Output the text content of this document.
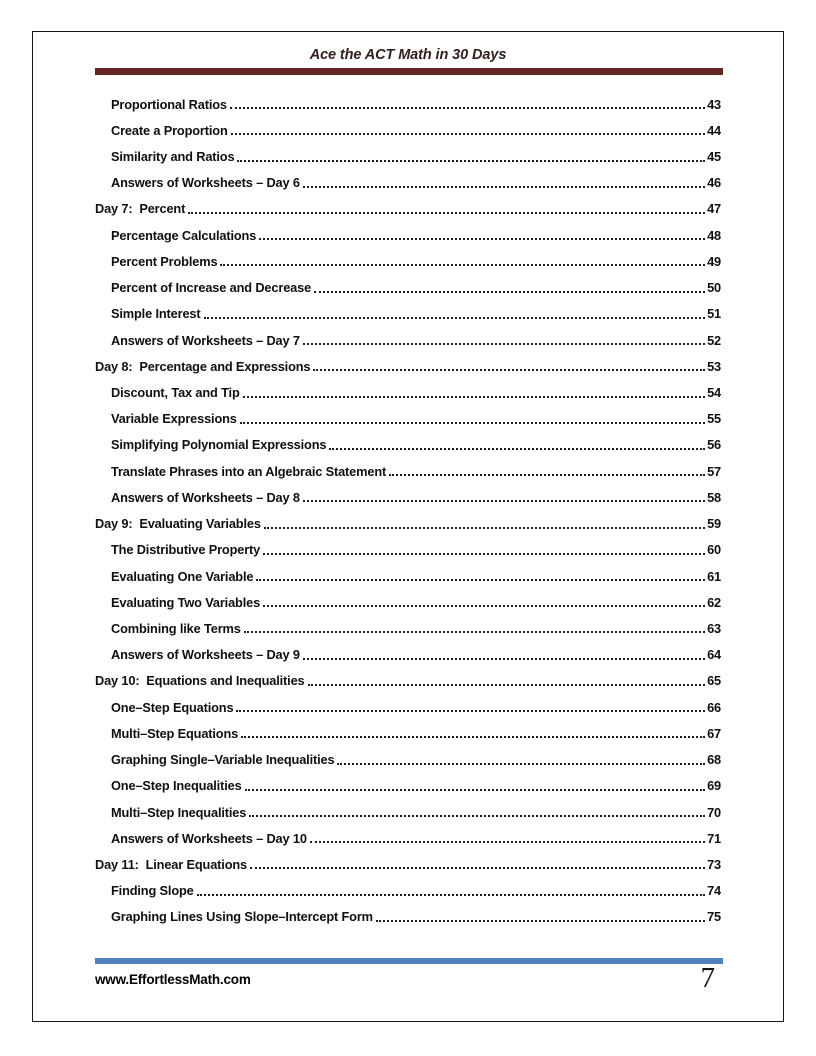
Ace the ACT Math in 30 Days
Proportional Ratios	43
Create a Proportion	44
Similarity and Ratios	45
Answers of Worksheets – Day 6	46
Day 7:  Percent	47
Percentage Calculations	48
Percent Problems	49
Percent of Increase and Decrease	50
Simple Interest	51
Answers of Worksheets – Day 7	52
Day 8:  Percentage and Expressions	53
Discount, Tax and Tip	54
Variable Expressions	55
Simplifying Polynomial Expressions	56
Translate Phrases into an Algebraic Statement	57
Answers of Worksheets – Day 8	58
Day 9:  Evaluating Variables	59
The Distributive Property	60
Evaluating One Variable	61
Evaluating Two Variables	62
Combining like Terms	63
Answers of Worksheets – Day 9	64
Day 10:  Equations and Inequalities	65
One–Step Equations	66
Multi–Step Equations	67
Graphing Single–Variable Inequalities	68
One–Step Inequalities	69
Multi–Step Inequalities	70
Answers of Worksheets – Day 10	71
Day 11:  Linear Equations	73
Finding Slope	74
Graphing Lines Using Slope–Intercept Form	75
www.EffortlessMath.com	7
